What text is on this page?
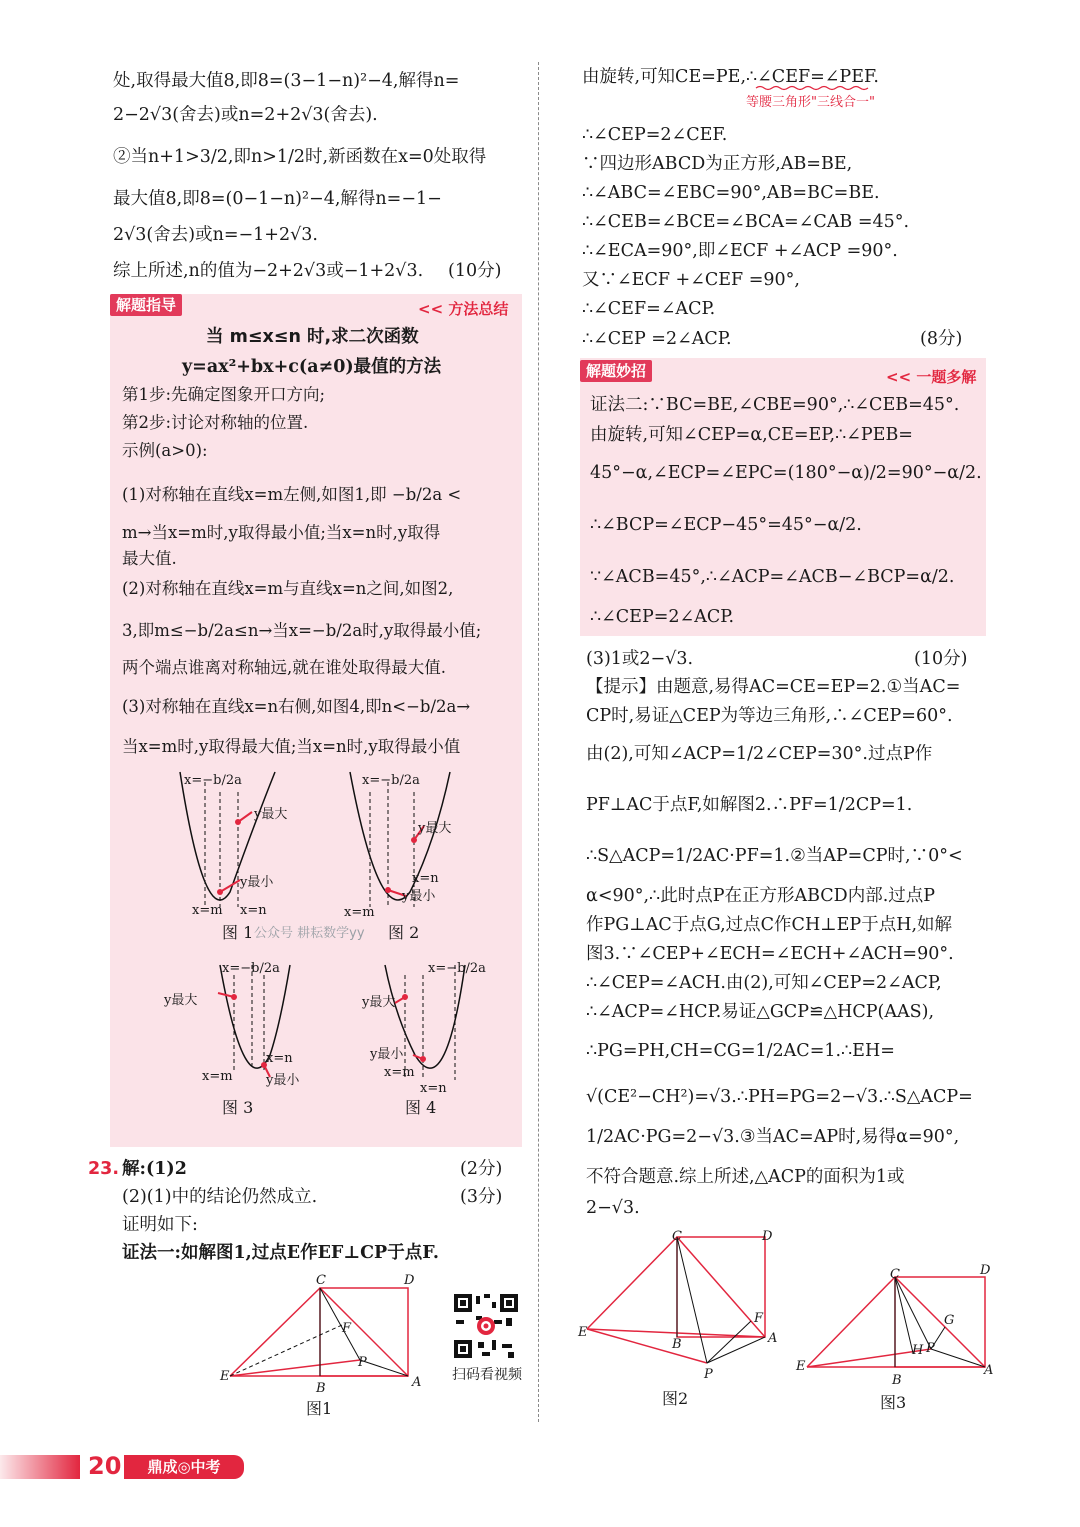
处,取得最大值8,即8=(3−1−n)²−4,解得n=
2−2√3(舍去)或n=2+2√3(舍去).
②当n+1>3/2,即n>1/2时,新函数在x=0处取得
最大值8,即8=(0−1−n)²−4,解得n=−1−
2√3(舍去)或n=−1+2√3.
综上所述,n的值为−2+2√3或−1+2√3. (10分)
解题指导	<< 方法总结
当 m≤x≤n 时,求二次函数
y=ax²+bx+c(a≠0)最值的方法
第1步:先确定图象开口方向;
第2步:讨论对称轴的位置.
示例(a>0):
(1)对称轴在直线x=m左侧,如图1,即 −b/2a <
m→当x=m时,y取得最小值;当x=n时,y取得
最大值.
(2)对称轴在直线x=m与直线x=n之间,如图2,
3,即m≤−b/2a≤n→当x=−b/2a时,y取得最小值;
两个端点谁离对称轴远,就在谁处取得最大值.
(3)对称轴在直线x=n右侧,如图4,即n<−b/2a→
当x=m时,y取得最大值;当x=n时,y取得最小值
x=−b/2a
y最大
y最小
x=m x=n
x=−b/2a
y最大
y最小
x=m
x=n
图 1 公众号 耕耘数学yy 图 2
x=−b/2a
y最大
y最小
x=m
x=n
x=−b/2a
y最大
y最小
x=m
x=n
图 3	图 4
23. 解:(1)2	(2分)
(2)(1)中的结论仍然成立.	(3分)
证明如下:
证法一:如解图1,过点E作EF⊥CP于点F.
C	D
F
P
E
B	A
图1
扫码看视频
由旋转,可知CE=PE,∴∠CEF=∠PEF.
等腰三角形"三线合一"
∴∠CEP=2∠CEF.
∵四边形ABCD为正方形,AB=BE,
∴∠ABC=∠EBC=90°,AB=BC=BE.
∴∠CEB=∠BCE=∠BCA=∠CAB =45°.
∴∠ECA=90°,即∠ECF +∠ACP =90°.
又∵∠ECF +∠CEF =90°,
∴∠CEF=∠ACP.
∴∠CEP =2∠ACP.	(8分)
解题妙招	<< 一题多解
证法二:∵BC=BE,∠CBE=90°,∴∠CEB=45°.
由旋转,可知∠CEP=α,CE=EP,∴∠PEB=
45°−α,∠ECP=∠EPC=(180°−α)/2=90°−α/2.
∴∠BCP=∠ECP−45°=45°−α/2.
∵∠ACB=45°,∴∠ACP=∠ACB−∠BCP=α/2.
∴∠CEP=2∠ACP.
(3)1或2−√3.	(10分)
【提示】由题意,易得AC=CE=EP=2.①当AC=
CP时,易证△CEP为等边三角形,∴∠CEP=60°.
由(2),可知∠ACP=1/2∠CEP=30°.过点P作
PF⊥AC于点F,如解图2.∴PF=1/2CP=1.
∴S△ACP=1/2AC·PF=1.②当AP=CP时,∵0°<
α<90°,∴此时点P在正方形ABCD内部.过点P
作PG⊥AC于点G,过点C作CH⊥EP于点H,如解
图3.∵∠CEP+∠ECH=∠ECH+∠ACH=90°.
∴∠CEP=∠ACH.由(2),可知∠CEP=2∠ACP,
∴∠ACP=∠HCP.易证△GCP≌△HCP(AAS),
∴PG=PH,CH=CG=1/2AC=1.∴EH=
√(CE²−CH²)=√3.∴PH=PG=2−√3.∴S△ACP=
1/2AC·PG=2−√3.③当AC=AP时,易得α=90°,
不符合题意.综上所述,△ACP的面积为1或
2−√3.
C	D
F
E
B	A
P
图2
C	D
G
H P
E	A
B
图3
20	鼎成◎中考
